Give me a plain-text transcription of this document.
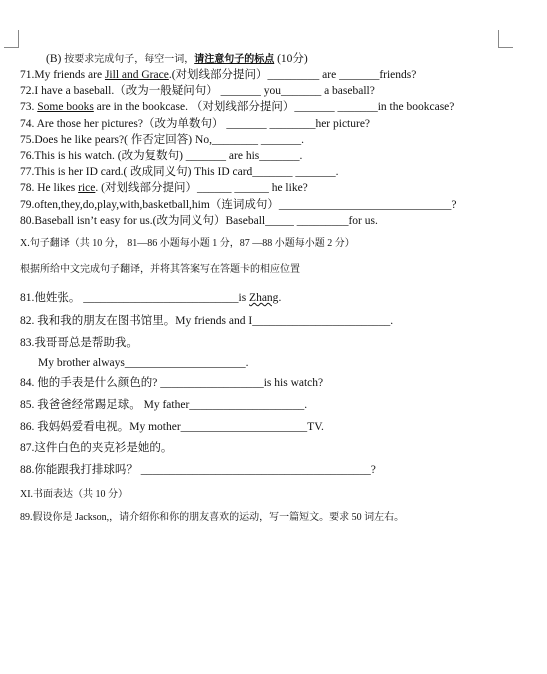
(B) 按要求完成句子，每空一词，请注意句子的标点 (10分)
71.My friends are Jill and Grace.(对划线部分提问）_________ are _______friends?
72.I have a baseball.（改为一般疑问句） _______ you_______ a baseball?
73. Some books are in the bookcase. （对划线部分提问）_______ _______in the bookcase?
74. Are those her pictures?（改为单数句） _______ ________her picture?
75.Does he like pears?( 作否定回答) No,________ _______.
76.This is his watch. (改为复数句) _______ are his_______.
77.This is her ID card.( 改成同义句) This ID card_______ _______.
78. He likes rice. (对划线部分提问）______ ______ he like?
79.often,they,do,play,with,basketball,him（连词成句）______________________________?
80.Baseball isn’t easy for us.(改为同义句）Baseball_____ _________for us.
X.句子翻译（共 10 分， 81—86 小题每小题 1 分，87 —88 小题每小题 2 分）
根据所给中文完成句子翻译，并将其答案写在答题卡的相应位置
81.他姓张。 ___________________________is Zhang.
82. 我和我的朋友在图书馆里。My friends and I________________________.
83.我哥哥总是帮助我。
My brother always_____________________.
84. 他的手表是什么颜色的? __________________is his watch?
85. 我爸爸经常踢足球。 My father____________________.
86. 我妈妈爱看电视。My mother______________________TV.
87.这件白色的夹克衫是她的。
88.你能跟我打排球吗？ ________________________________________?
XI.书面表达（共 10 分）
89.假设你是 Jackson,，请介绍你和你的朋友喜欢的运动，写一篇短文。要求 50 词左右。
